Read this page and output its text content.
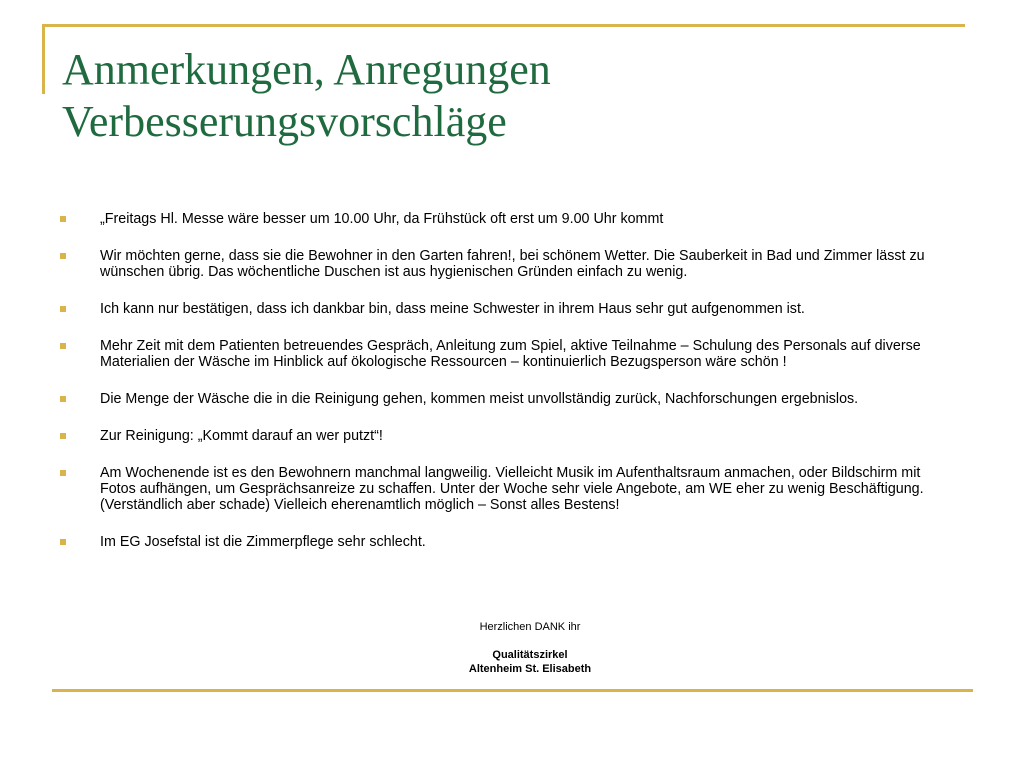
Anmerkungen, Anregungen
Verbesserungsvorschläge
„Freitags Hl. Messe wäre besser um 10.00 Uhr, da Frühstück oft erst um 9.00 Uhr kommt
Wir möchten gerne, dass sie die Bewohner in den Garten fahren!, bei schönem Wetter. Die Sauberkeit in Bad und Zimmer lässt zu wünschen übrig. Das wöchentliche Duschen ist aus hygienischen Gründen einfach zu wenig.
Ich kann nur bestätigen, dass ich dankbar bin, dass meine Schwester in ihrem Haus sehr gut aufgenommen ist.
Mehr Zeit mit dem Patienten betreuendes Gespräch, Anleitung zum Spiel, aktive Teilnahme – Schulung des Personals auf diverse Materialien der Wäsche im Hinblick auf ökologische Ressourcen – kontinuierlich Bezugsperson wäre schön !
Die Menge der Wäsche die in die Reinigung gehen, kommen meist unvollständig zurück, Nachforschungen ergebnislos.
Zur Reinigung: „Kommt darauf an wer putzt“!
Am Wochenende ist es den Bewohnern manchmal langweilig. Vielleicht Musik im Aufenthaltsraum anmachen, oder Bildschirm mit Fotos aufhängen, um Gesprächsanreize zu schaffen. Unter der Woche sehr viele Angebote, am WE eher zu wenig Beschäftigung. (Verständlich aber schade) Vielleich eherenamtlich möglich – Sonst alles Bestens!
Im EG Josefstal ist die Zimmerpflege sehr schlecht.
Herzlichen DANK ihr
Qualitätszirkel
Altenheim St. Elisabeth
